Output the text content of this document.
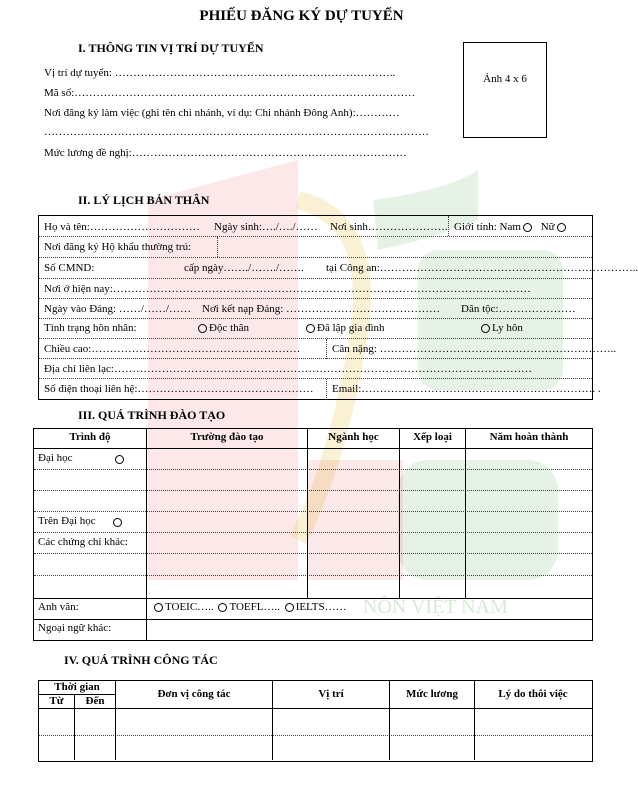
NÔN VIỆT NAM
PHIẾU ĐĂNG KÝ DỰ TUYỂN
I. THÔNG TIN VỊ TRÍ DỰ TUYỂN
Vị trí dự tuyển: …………………………………………………………………..
Mã số:…………………………………………………………………………………
Nơi đăng ký làm việc (ghi tên chi nhánh, ví dụ: Chi nhánh Đông Anh):…………
……………………………………………………………………………………………
Mức lương đề nghị:…………………………………………………………………
Ảnh 4 x 6
II. LÝ LỊCH BẢN THÂN
Họ và tên:………………………… Ngày sinh:…./…./…… Nơi sinh…………………. Giới tính: Nam Nữ
Nơi đăng ký Hộ khẩu thường trú:
Số CMND:	cấp ngày……./……./……. tại Công an:……………………………………………………………..
Nơi ở hiện nay:……………………………………………………………………………………………………
Ngày vào Đảng: ……/……/…… Nơi kết nạp Đảng: …………………………………… Dân tộc:…………………
Tình trạng hôn nhân:	Độc thân	Đã lập gia đình	Ly hôn
Chiều cao:…………………………………………………	Cân nặng: ………………………………………………………..
Địa chỉ liên lạc:……………………………………………………………………………………………………
Số điện thoại liên hệ:………………………………………… Email:………………………………………………………. .
III. QUÁ TRÌNH ĐÀO TẠO
Trình độ	Trường đào tạo	Ngành học	Xếp loại	Năm hoàn thành
Đại học
Trên Đại học
Các chứng chỉ khác:
Anh văn:	TOEIC….. TOEFL….. IELTS……
Ngoại ngữ khác:
IV. QUÁ TRÌNH CÔNG TÁC
Thời gian
Từ	Đến
Đơn vị công tác	Vị trí	Mức lương	Lý do thôi việc
